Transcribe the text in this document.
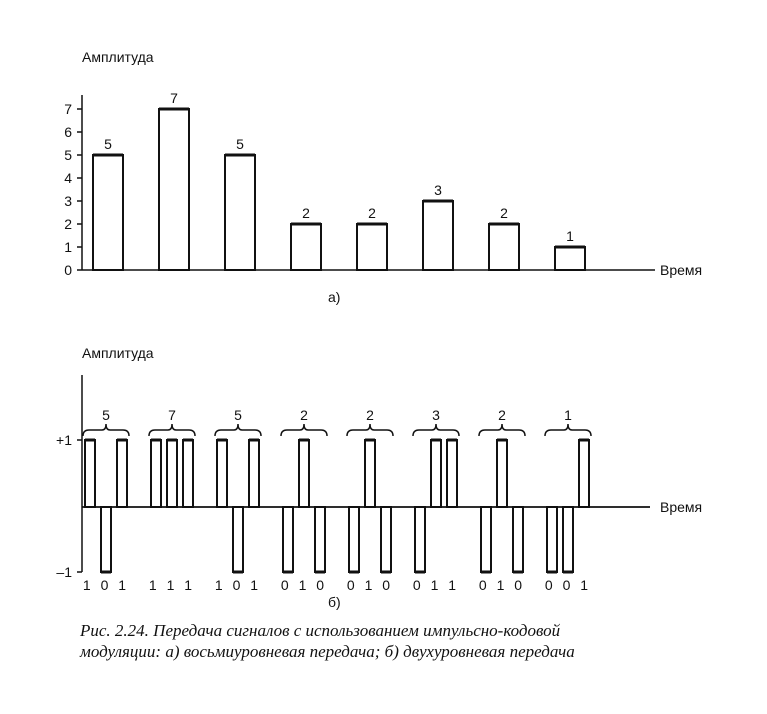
Амплитуда
Время
0
1
2
3
4
5
6
7
5
7
5
2	2
3
2
1
а)
Амплитуда
Время
+1
–1
5
1 0 1
7
1 1 1
5
1 0 1
2
0 1 0
2
0 1 0
3
0 1 1
2
0 1 0
1
0 0 1
б)

Рис. 2.24. Передача сигналов с использованием импульсно-кодовой модуляции: а) восьмиуровневая передача; б) двухуровневая передача
